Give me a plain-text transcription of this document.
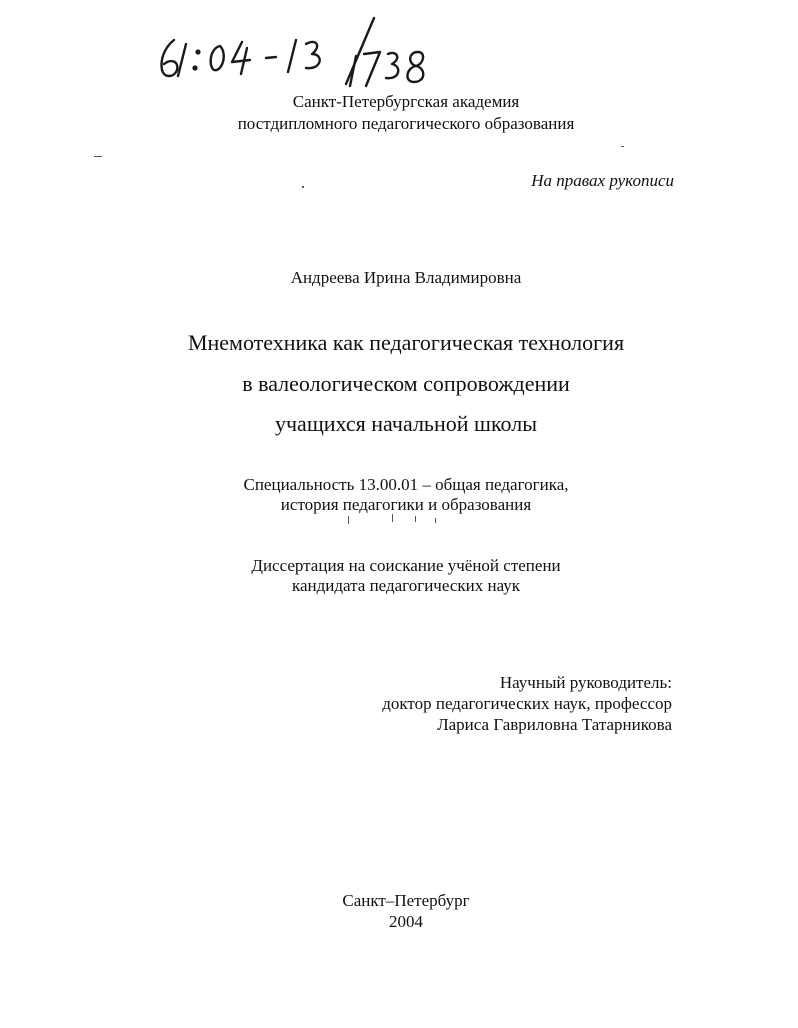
61: 04-13/1738
Санкт-Петербургская академия
постдипломного педагогического образования
На правах рукописи
Андреева Ирина Владимировна
Мнемотехника как педагогическая технология
в валеологическом сопровождении
учащихся начальной школы
Специальность 13.00.01 – общая педагогика,
история педагогики и образования
Диссертация на соискание учёной степени
кандидата педагогических наук
Научный руководитель:
доктор педагогических наук, профессор
Лариса Гавриловна Татарникова
Санкт–Петербург
2004
